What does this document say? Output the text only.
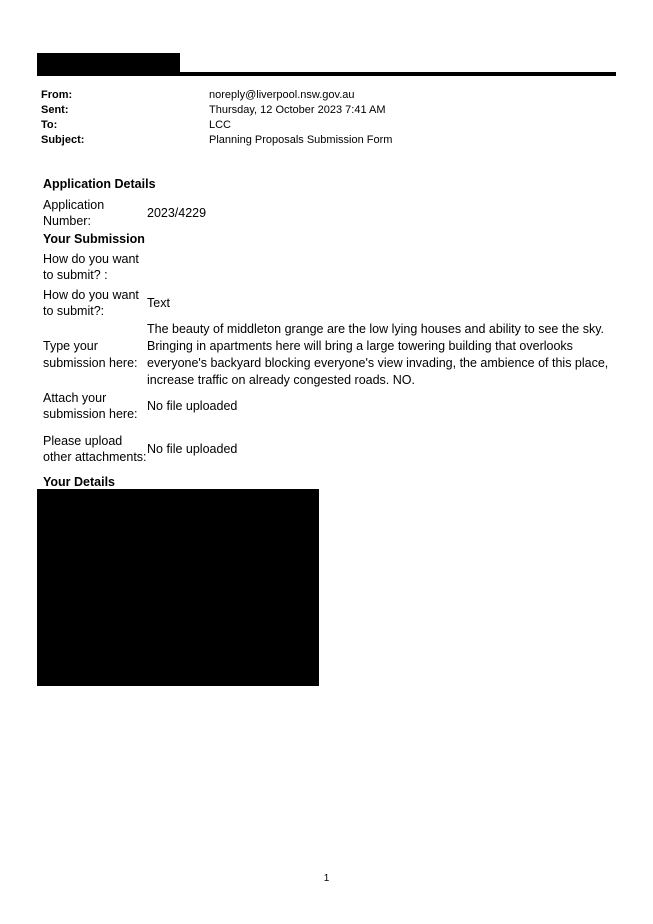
From:	noreply@liverpool.nsw.gov.au
Sent:	Thursday, 12 October 2023 7:41 AM
To:	LCC
Subject:	Planning Proposals Submission Form
Application Details
Application Number:
2023/4229
Your Submission
How do you want to submit? :
How do you want to submit?:
Text
Type your submission here:
The beauty of middleton grange are the low lying houses and ability to see the sky. Bringing in apartments here will bring a large towering building that overlooks everyone's backyard blocking everyone's view invading, the ambience of this place, increase traffic on already congested roads. NO.
Attach your submission here:
No file uploaded
Please upload other attachments:
No file uploaded
Your Details
1
